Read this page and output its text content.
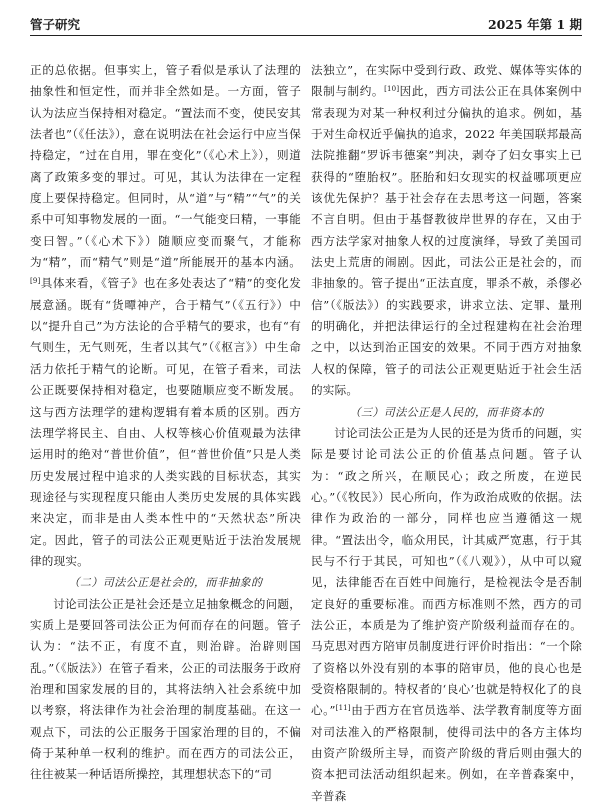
管子研究	2025 年第 1 期

正的总依据。但事实上，管子看似是承认了法理的抽象性和恒定性，而并非全然如是。一方面，管子认为法应当保持相对稳定。“置法而不变，使民安其法者也”（《任法》），意在说明法在社会运行中应当保持稳定，“过在自用，罪在变化”（《心术上》），则道离了政策多变的罪过。可见，其认为法律在一定程度上要保持稳定。但同时，从“道”与“精”“气”的关系中可知事物发展的一面。“一气能变曰精，一事能变曰智。”（《心术下》）随顺应变而聚气，才能称为“精”，而“精气”则是“道”所能展开的基本内涵。[9]具体来看，《管子》也在多处表达了“精”的变化发展意涵。既有“货曋神产，合于精气”（《五行》）中以“提升自己”为方法论的合乎精气的要求，也有“有气则生，无气则死，生者以其气”（《枢言》）中生命活力依托于精气的论断。可见，在管子看来，司法公正既要保持相对稳定，也要随顺应变不断发展。这与西方法理学的建构逻辑有着本质的区别。西方法理学将民主、自由、人权等核心价值观最为法律运用时的绝对“普世价值”，但“普世价值”只是人类历史发展过程中追求的人类实践的目标状态，其实现途径与实现程度只能由人类历史发展的具体实践来决定，而非是由人类本性中的“天然状态”所决定。因此，管子的司法公正观更贴近于法治发展规律的现实。

（二）司法公正是社会的，而非抽象的

讨论司法公正是社会还是立足抽象概念的问题，实质上是要回答司法公正为何而存在的问题。管子认为：“法不正，有度不直，则治辟。治辟则国乱。”（《版法》）在管子看来，公正的司法服务于政府治理和国家发展的目的，其将法纳入社会系统中加以考察，将法律作为社会治理的制度基础。在这一观点下，司法的公正服务于国家治理的目的，不偏倚于某种单一权利的维护。而在西方的司法公正，往往被某一种话语所操控，其理想状态下的“司

法独立”，在实际中受到行政、政党、媒体等实体的限制与制约。[10]因此，西方司法公正在具体案例中常表现为对某一种权利过分偏执的追求。例如，基于对生命权近乎偏执的追求，2022 年美国联邦最高法院推翻“罗诉韦德案”判决，剥夺了妇女事实上已获得的“堕胎权”。胚胎和妇女现实的权益哪项更应该优先保护？基于社会存在去思考这一问题，答案不言自明。但由于基督教彼岸世界的存在，又由于西方法学家对抽象人权的过度演绎，导致了美国司法史上荒唐的闹剧。因此，司法公正是社会的，而非抽象的。管子提出“正法直度，罪杀不赦，杀僇必信”（《版法》）的实践要求，讲求立法、定罪、量刑的明确化，并把法律运行的全过程建构在社会治理之中，以达到治正国安的效果。不同于西方对抽象人权的保障，管子的司法公正观更贴近于社会生活的实际。

（三）司法公正是人民的，而非资本的

讨论司法公正是为人民的还是为货币的问题，实际是要讨论司法公正的价值基点问题。管子认为：“政之所兴，在顺民心；政之所废，在逆民心。”（《牧民》）民心所向，作为政治成败的依据。法律作为政治的一部分，同样也应当遵循这一规律。“置法出令，临众用民，计其威严宽惠，行于其民与不行于其民，可知也”（《八观》），从中可以窥见，法律能否在百姓中间施行，是检视法令是否制定良好的重要标准。而西方标准则不然，西方的司法公正，本质是为了维护资产阶级利益而存在的。马克思对西方陪审员制度进行评价时指出：“一个除了资格以外没有别的本事的陪审员，他的良心也是受资格限制的。特权者的‘良心’也就是特权化了的良心。”[11]由于西方在官员选举、法学教育制度等方面对司法准入的严格限制，使得司法中的各方主体均由资产阶级所主导，而资产阶级的背后则由强大的资本把司法活动组织起来。例如，在辛普森案中，辛普森
